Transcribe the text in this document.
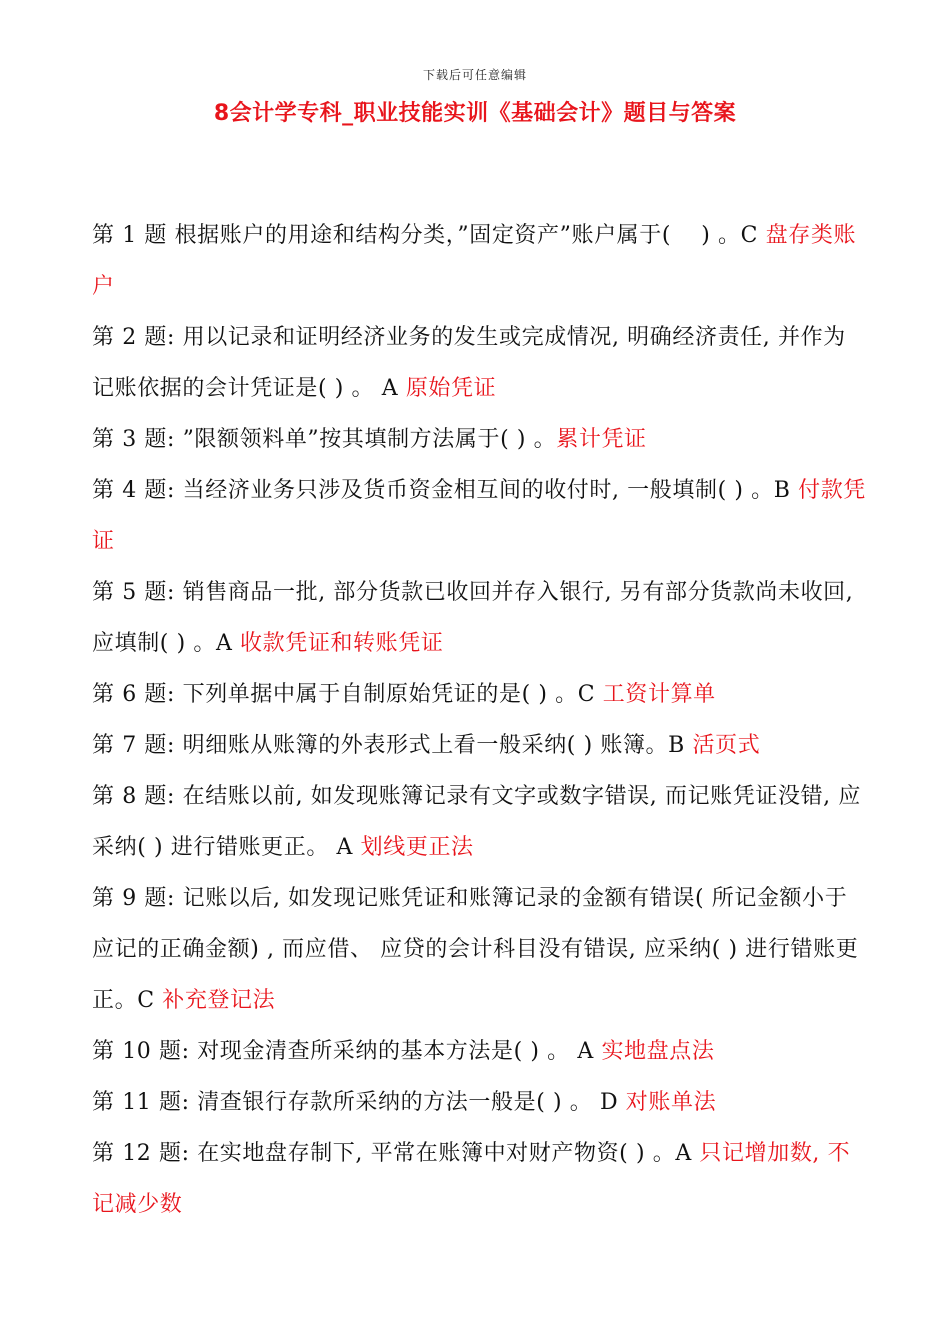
下载后可任意编辑
8会计学专科_职业技能实训《基础会计》题目与答案

第 1 题 根据账户的用途和结构分类，”固定资产”账户属于(　 ) 。C 盘存类账户

第 2 题: 用以记录和证明经济业务的发生或完成情况, 明确经济责任, 并作为记账依据的会计凭证是( ) 。 A 原始凭证

第 3 题: ”限额领料单”按其填制方法属于( ) 。累计凭证

第 4 题: 当经济业务只涉及货币资金相互间的收付时, 一般填制( ) 。B 付款凭证

第 5 题: 销售商品一批, 部分货款已收回并存入银行, 另有部分货款尚未收回, 应填制( ) 。A 收款凭证和转账凭证

第 6 题: 下列单据中属于自制原始凭证的是( ) 。C 工资计算单

第 7 题: 明细账从账簿的外表形式上看一般采纳( ) 账簿。B 活页式

第 8 题: 在结账以前, 如发现账簿记录有文字或数字错误, 而记账凭证没错, 应采纳( ) 进行错账更正。 A 划线更正法

第 9 题: 记账以后, 如发现记账凭证和账簿记录的金额有错误( 所记金额小于应记的正确金额) , 而应借、 应贷的会计科目没有错误, 应采纳( ) 进行错账更正。C 补充登记法

第 10 题: 对现金清查所采纳的基本方法是( ) 。 A 实地盘点法

第 11 题: 清查银行存款所采纳的方法一般是( ) 。 D 对账单法

第 12 题: 在实地盘存制下, 平常在账簿中对财产物资( ) 。A 只记增加数, 不记减少数
